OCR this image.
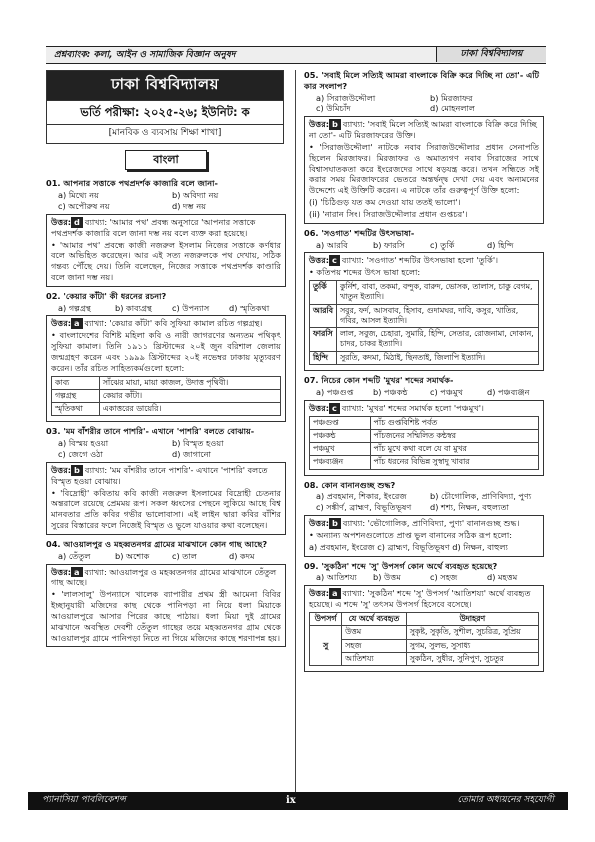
প্রশ্নব্যাংক: কলা, আইন ও সামাজিক বিজ্ঞান অনুষদ	ঢাকা বিশ্ববিদ্যালয়
ঢাকা বিশ্ববিদ্যালয়
ভর্তি পরীক্ষা: ২০২৫-২৬; ইউনিট: ক
[মানবিক ও ব্যবসায় শিক্ষা শাখা]
বাংলা
01. আপনার সত্তাকে পথপ্রদর্শক কাজারি বলে জানা-
a) মিথ্যে নয়	b) অবিদ্যা নয়
c) অপৌরুষ নয়	d) দম্ভ নয়
উত্তর: d ব্যাখ্যা: 'আমার পথ' প্রবন্ধ অনুসারে 'আপনার সত্তাকে পথপ্রদর্শক কাজারি বলে জানা দম্ভ নয় বলে ব্যক্ত করা হয়েছে।

• 'আমার পথ' প্রবন্ধে কাজী নজরুল ইসলাম নিজের সত্তাকে কর্ণধার বলে অভিহিত করেছেন। আর এই সত্য নজরুলকে পথ দেখায়, সঠিক গন্তব্য পৌঁছে দেয়। তিনি বলেছেন, নিজের সত্তাকে পথপ্রদর্শক কাণ্ডারি বলে জানা দম্ভ নয়।

02. 'কেয়ার কাঁটা' কী ধরনের রচনা?
a) গল্পগ্রন্থ	b) কাব্যগ্রন্থ	c) উপন্যাস	d) স্মৃতিকথা
উত্তর: a ব্যাখ্যা: 'কেয়ার কাঁটা' কবি সুফিয়া কামাল রচিত গল্পগ্রন্থ।

• বাংলাদেশের বিশিষ্ট মহিলা কবি ও নারী জাগরণের অন্যতম পথিকৃৎ সুফিয়া কামাল। তিনি ১৯১১ খ্রিস্টাব্দের ২০ই জুন বরিশাল জেলায় জন্মগ্রহণ করেন এবং ১৯৯৯ খ্রিস্টাব্দের ২০ই নভেম্বর ঢাকায় মৃত্যুবরণ করেন। তাঁর রচিত সাহিত্যকর্মগুলো হলো:

কাব্য	সাঁঝের মায়া, মায়া কাজল, উদাত্ত পৃথিবী।
গল্পগ্রন্থ	কেয়ার কাঁটা।
স্মৃতিকথা	একাত্তরের ডায়েরি।
03. 'মম বাঁশরীর তানে পাশরি'- এখানে 'পাশরি' বলতে বোঝায়-
a) বিস্ময় হওয়া	b) বিস্মৃত হওয়া
c) জেগে ওঠা	d) জাগানো
উত্তর: b ব্যাখ্যা: 'মম বাঁশরীর তানে পাশরি'- এখানে 'পাশরি' বলতে বিস্মৃত হওয়া বোঝায়।

• 'বিদ্রোহী' কবিতায় কবি কাজী নজরুল ইসলামের বিদ্রোহী চেতনার অন্তরালে রয়েছে প্রেমময় রূপ। সকল ধ্বংসের পেছনে লুকিয়ে আছে বিশ্ব মানবতার প্রতি কবির গভীর ভালোবাসা। এই লাইন দ্বারা কবির বাঁশির সুরের বিস্তারের ফলে নিজেই বিস্মৃত ও ভুলে যাওয়ার কথা বলেছেন।

04. আওয়ালপুর ও মহব্বতনগর গ্রামের মাঝখানে কোন গাছ আছে?
a) তেঁতুল	b) অশোক	c) তাল	d) কদম
উত্তর: a ব্যাখ্যা: আওয়ালপুর ও মহব্বতনগর গ্রামের মাঝখানে তেঁতুল গাছ আছে।

• 'লালসালু' উপন্যাসে খালেক ব্যাপারীর প্রথম স্ত্রী আমেনা বিবির ইচ্ছানুযায়ী মজিদের কাছ থেকে পানিপড়া না নিয়ে ধলা মিয়াকে আওয়ালপুরে আসার পিরের কাছে পাঠায়। ধলা মিয়া দুই গ্রামের মাঝখানে অবস্থিত দেবশী তেঁতুল গাছের তয়ে মহব্বতনগর গ্রাম থেকে আওয়ালপুর গ্রামে পানিপড়া নিতে না গিয়ে মজিদের কাছে শরণাপন্ন হয়।

05. 'সবাই মিলে সত্যিই আমরা বাংলাকে বিক্রি করে দিচ্ছি না তো'- এটি কার সংলাপ?
a) সিরাজউদ্দৌলা	b) মিরজাফর
c) উমিচাঁদ	d) মোহনলাল
উত্তর: b ব্যাখ্যা: 'সবাই মিলে সত্যিই আমরা বাংলাকে বিক্রি করে দিচ্ছি না তো'- এটি মিরজাফরের উক্তি।

• 'সিরাজউদ্দৌলা' নাটকে নবাব সিরাজউদ্দৌলার প্রধান সেনাপতি ছিলেন মিরজাফর। মিরজাফর ও অমাত্যগণ নবাব সিরাজের সাথে বিশ্বাসঘাতকতা করে ইংরেজদের সাথে ষড়যন্ত্র করে। তখন সন্ধিতে সই করার সময় মিরজাফরের ভেতরে অন্তর্দ্বন্দ্ব দেখা দেয় এবং অন্যমনের উদ্দেশ্যে এই উক্তিটি করেন। এ নাটকে তাঁর গুরুত্বপূর্ণ উক্তি হলো:

(i) 'চিঠিগুড় যত কম দেওয়া যায় ততই ভালো'।

(ii) 'নারান সিং। সিরাজউদ্দৌলার প্রধান গুপ্তচর'।

06. 'সওগাত' শব্দটির উৎসভাষা-
a) আরবি	b) ফারসি	c) তুর্কি	d) হিন্দি
উত্তর: c ব্যাখ্যা: 'সওগাত' শব্দটির উৎসভাষা হলো 'তুর্কি'।

• কতিপয় শব্দের উৎস ভাষা হলো:

তুর্কি	কুর্নিশ, বাবা, তকমা, বন্দুক, বারুদ, ভোসক, তালাস, চাকু বেগম, খাতুন ইত্যাদি।
আরবি	সবুর, ফর্দ, আসবাব, হিসাব, গুদামঘর, দাবি, কসুর, খাতির, গবির, আসল ইত্যাদি।
ফারসি	লাল, সবুজ, চেহারা, সুমারি, হিন্দি, সেতার, রোজনামা, দোকান, চাদর, চাকর ইত্যাদি।
হিন্দি	সুরতি, কদমা, মিঠাই, ছিনতাই, জিলাপি ইত্যাদি।
07. নিচের কোন শব্দটি 'মুখর' শব্দের সমার্থক-
a) পঞ্চগুপ্ত	b) পঞ্চকন্ঠ	c) পঞ্চমুখ	d) পঞ্চব্যঞ্জন
উত্তর: c ব্যাখ্যা: 'মুখর' শব্দের সমার্থক হলো 'পঞ্চমুখ'।
পঞ্চগুপ্ত	পাঁচ গুপ্তবিশিষ্ট পর্বত
পঞ্চকন্ঠ	পাঁচজনের সম্মিলিত কন্ঠস্বর
পঞ্চমুখ	পাঁচ মুখে কথা বলে যে বা মুখর
পঞ্চব্যঞ্জন	পাঁচ ধরনের বিভিন্ন সুস্বাদু খাবার
08. কোন বানানগুচ্ছ শুদ্ধ?
a) প্রবহমান, শিকার, ইংরেজ	b) চৌগোলিক, প্রাণিবিদ্যা, পুণ্য
c) সঙ্কীর্ণ, ব্রাহ্মণ, বিভূতিভূষণ	d) শশ্য, নিক্ষন, বহুল্যতা
উত্তর: b ব্যাখ্যা: 'ভৌগোলিক, প্রাণিবিদ্যা, পুণ্য' বানানগুচ্ছ শুদ্ধ।

• অন্যান্য অপশনগুলোতে প্রাপ্ত ভুল বানানের সঠিক রূপ হলো:

a) প্রবহমান, ইংরেজ c) ব্রাহ্মণ, বিভূতিভূষণ d) নিক্ষন, বাহুল্য

09. 'সুকঠিন' শব্দে 'সু' উপসর্গ কোন অর্থে ব্যবহৃত হয়েছে?
a) আতিশয্য	b) উত্তম	c) সহজ	d) মহত্তম
উত্তর: a ব্যাখ্যা: 'সুকঠিন' শব্দে 'সু' উপসর্গ 'আতিশয্য' অর্থে ব্যবহৃত হয়েছে। এ শব্দে 'সু' তৎসম উপসর্গ হিসেবে বসেছে।
উপসর্গ	যে অর্থে ব্যবহৃত	উদাহরণ
সু	উত্তম	সুকৃষ্ট, সুকৃতি, সুশীল, সুচরিত্র, সুপ্রিয়
	সহজ	সুগম, সুলভ, সুসাধ্য
	আতিশয্য	সুকঠিন, সুধীর, সুনিপুণ, সুচতুর
প্যানাসিয়া পাবলিকেশন্স	ix	তোমার অধ্যয়নের সহযোগী
